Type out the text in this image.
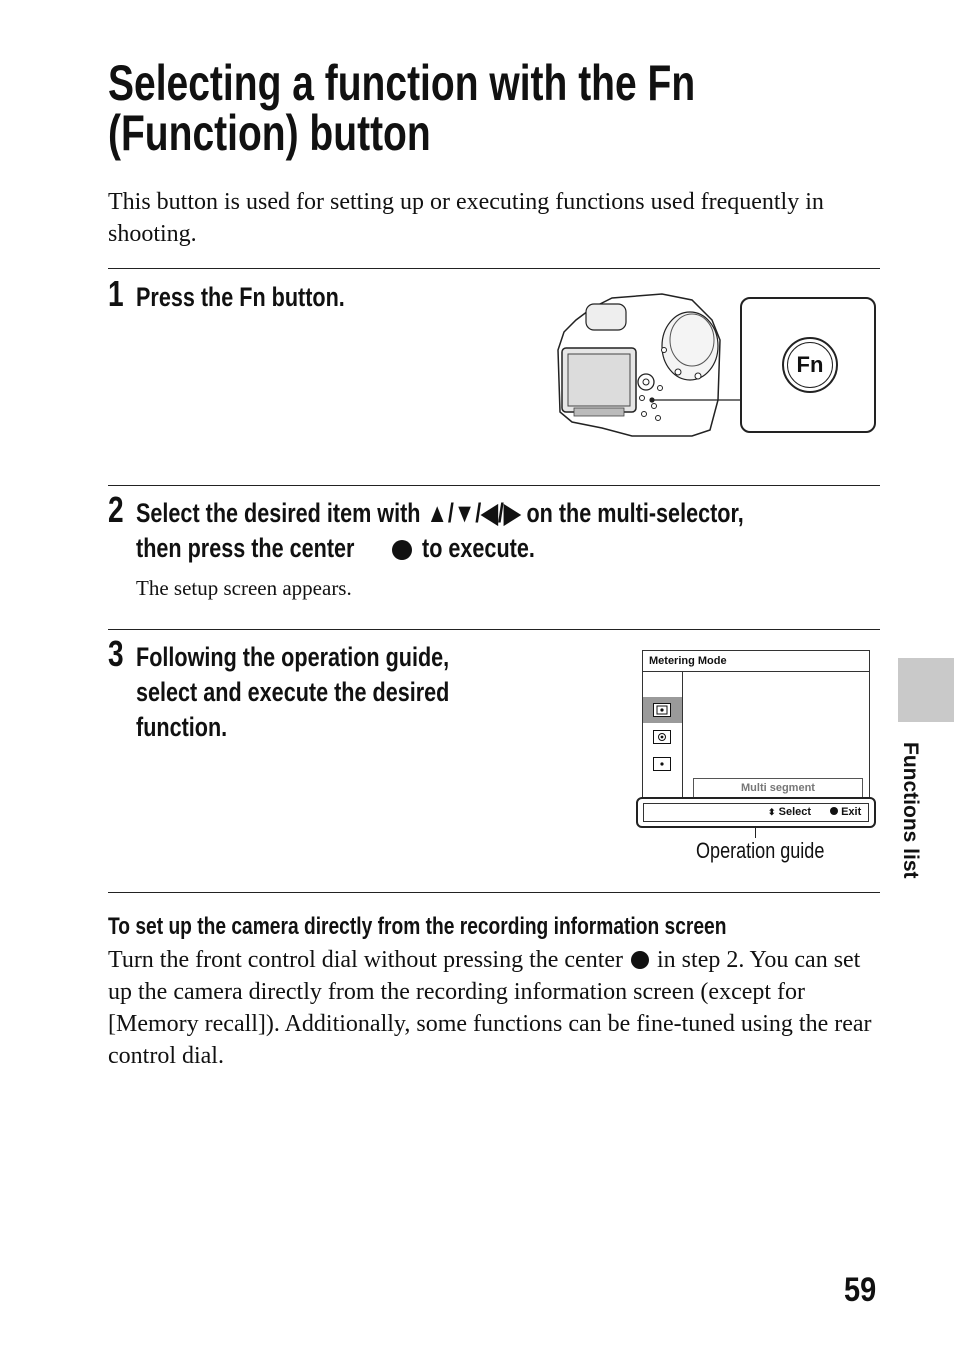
Selecting a function with the Fn
(Function) button
This button is used for setting up or executing functions used frequently in shooting.
1 Press the Fn button.
Fn
2 Select the desired item with ▲/▼/◀/▶ on the multi-selector,
then press the center	to execute.
The setup screen appears.
3 Following the operation guide,
select and execute the desired
function.
Metering Mode
Multi segment
⬍ Select	Exit
Operation guide
To set up the camera directly from the recording information screen
Turn the front control dial without pressing the center in step 2. You can set up the camera directly from the recording information screen (except for [Memory recall]). Additionally, some functions can be fine-tuned using the rear control dial.
Functions list
59
